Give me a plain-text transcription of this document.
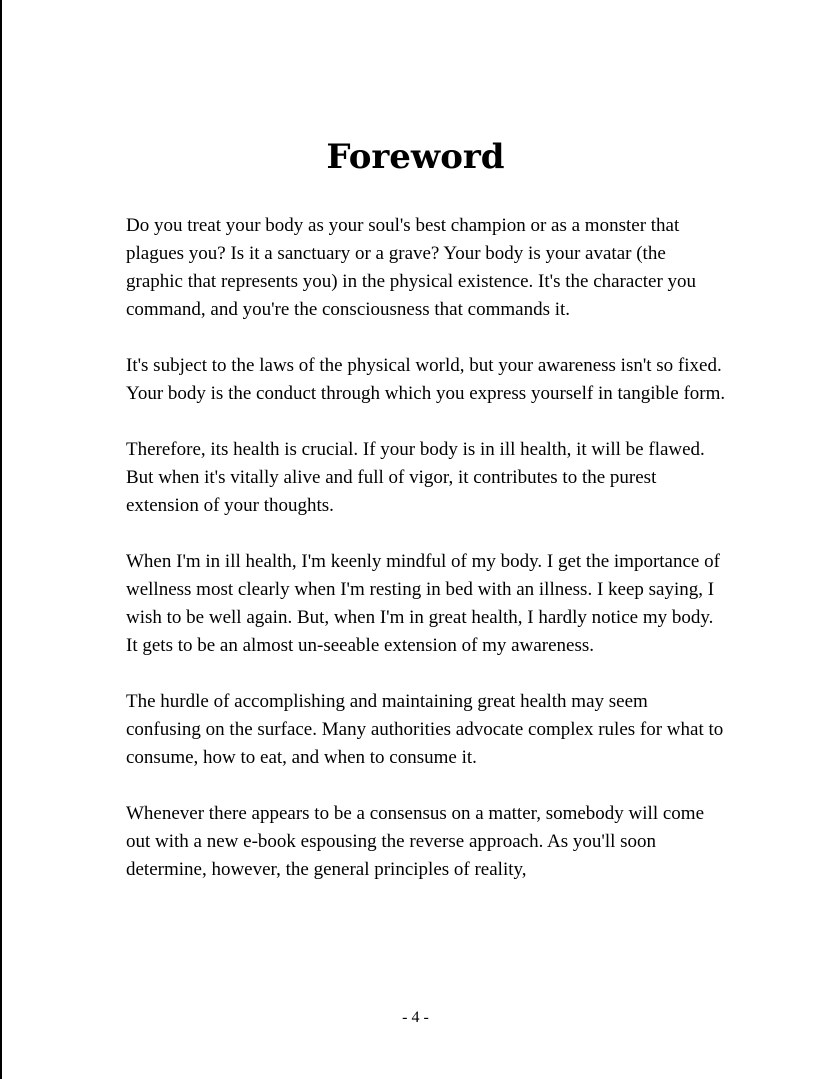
Foreword

Do you treat your body as your soul's best champion or as a monster that plagues you? Is it a sanctuary or a grave? Your body is your avatar (the graphic that represents you) in the physical existence. It's the character you command, and you're the consciousness that commands it.

It's subject to the laws of the physical world, but your awareness isn't so fixed. Your body is the conduct through which you express yourself in tangible form.

Therefore, its health is crucial. If your body is in ill health, it will be flawed. But when it's vitally alive and full of vigor, it contributes to the purest extension of your thoughts.

When I'm in ill health, I'm keenly mindful of my body. I get the importance of wellness most clearly when I'm resting in bed with an illness. I keep saying, I wish to be well again. But, when I'm in great health, I hardly notice my body. It gets to be an almost un-seeable extension of my awareness.

The hurdle of accomplishing and maintaining great health may seem confusing on the surface. Many authorities advocate complex rules for what to consume, how to eat, and when to consume it.

Whenever there appears to be a consensus on a matter, somebody will come out with a new e-book espousing the reverse approach. As you'll soon determine, however, the general principles of reality,

- 4 -
